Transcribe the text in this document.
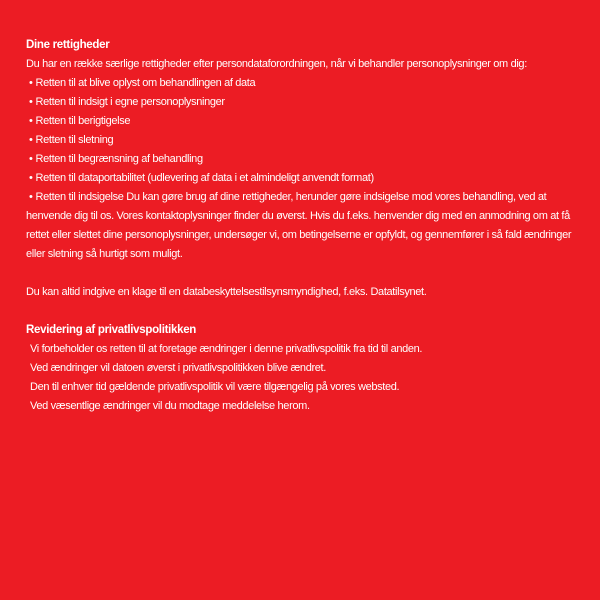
Dine rettigheder

Du har en række særlige rettigheder efter persondataforordningen, når vi behandler personoplysninger om dig:

• Retten til at blive oplyst om behandlingen af data
• Retten til indsigt i egne personoplysninger
• Retten til berigtigelse
• Retten til sletning
• Retten til begrænsning af behandling
• Retten til dataportabilitet (udlevering af data i et almindeligt anvendt format)
• Retten til indsigelse Du kan gøre brug af dine rettigheder, herunder gøre indsigelse mod vores behandling, ved at henvende dig til os. Vores kontaktoplysninger finder du øverst. Hvis du f.eks. henvender dig med en anmodning om at få rettet eller slettet dine personoplysninger, undersøger vi, om betingelserne er opfyldt, og gennemfører i så fald ændringer eller sletning så hurtigt som muligt.

Du kan altid indgive en klage til en databeskyttelsestilsynsmyndighed, f.eks. Datatilsynet.

Revidering af privatlivspolitikken
Vi forbeholder os retten til at foretage ændringer i denne privatlivspolitik fra tid til anden.
Ved ændringer vil datoen øverst i privatlivspolitikken blive ændret.
Den til enhver tid gældende privatlivspolitik vil være tilgængelig på vores websted.
Ved væsentlige ændringer vil du modtage meddelelse herom.
